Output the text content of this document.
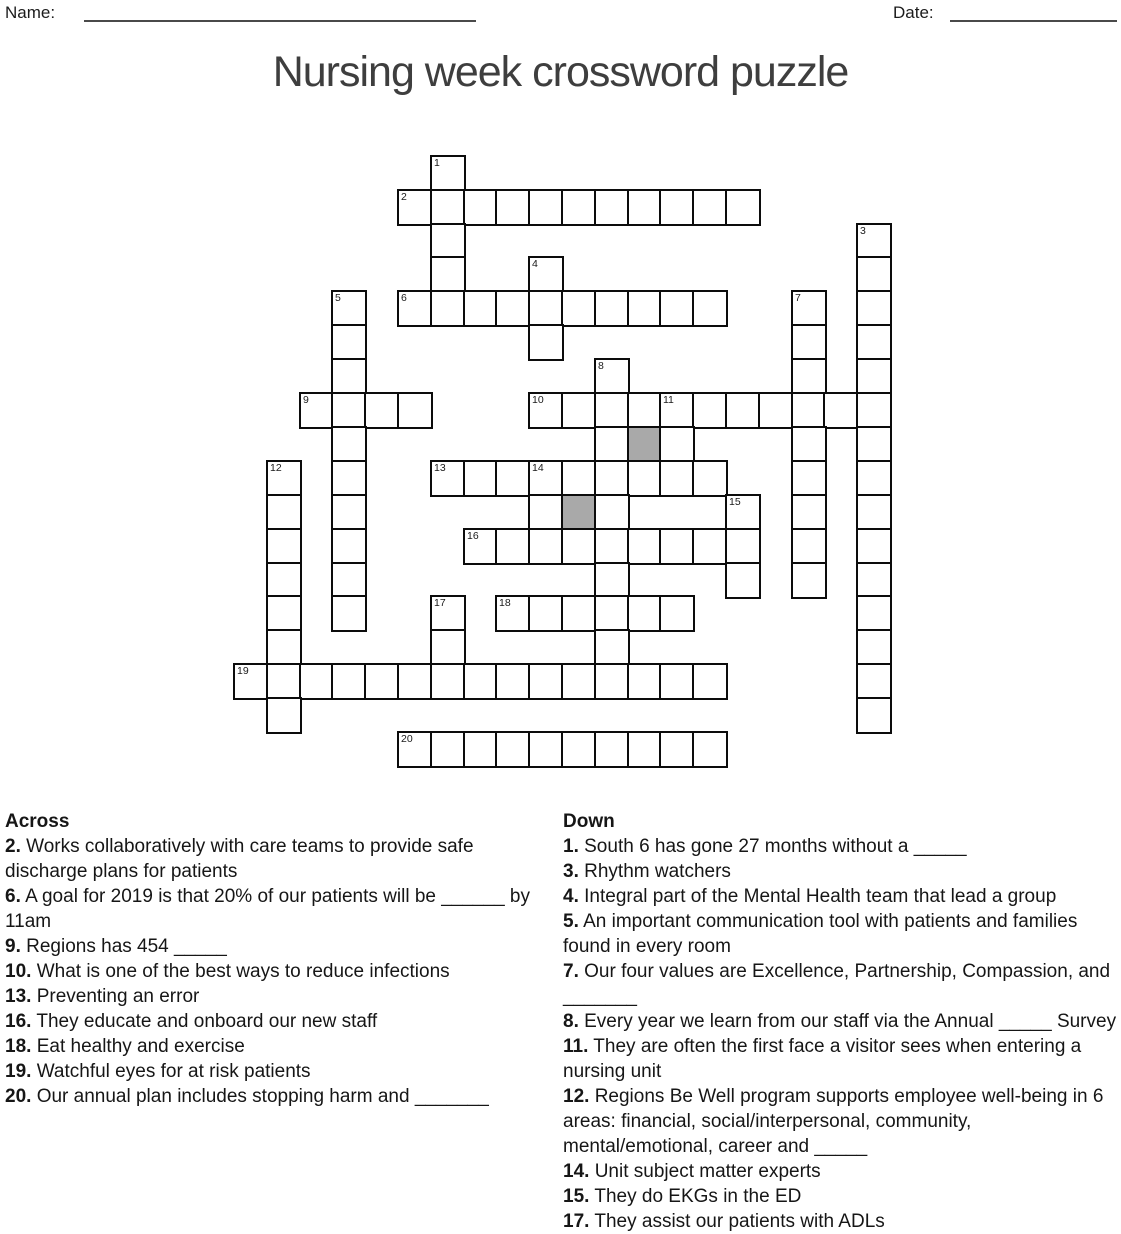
Name:	Date:
Nursing week crossword puzzle
1
2
3
4
5	6	7
8
9	10	11
12	13	14
15
16
17	18
19
20
Across
2. Works collaboratively with care teams to provide safe discharge plans for patients
6. A goal for 2019 is that 20% of our patients will be ______ by 11am
9. Regions has 454 _____
10. What is one of the best ways to reduce infections
13. Preventing an error
16. They educate and onboard our new staff
18. Eat healthy and exercise
19. Watchful eyes for at risk patients
20. Our annual plan includes stopping harm and _______
Down
1. South 6 has gone 27 months without a _____
3. Rhythm watchers
4. Integral part of the Mental Health team that lead a group
5. An important communication tool with patients and families found in every room
7. Our four values are Excellence, Partnership, Compassion, and _______
8. Every year we learn from our staff via the Annual _____ Survey
11. They are often the first face a visitor sees when entering a nursing unit
12. Regions Be Well program supports employee well-being in 6 areas: financial, social/interpersonal, community, mental/emotional, career and _____
14. Unit subject matter experts
15. They do EKGs in the ED
17. They assist our patients with ADLs
